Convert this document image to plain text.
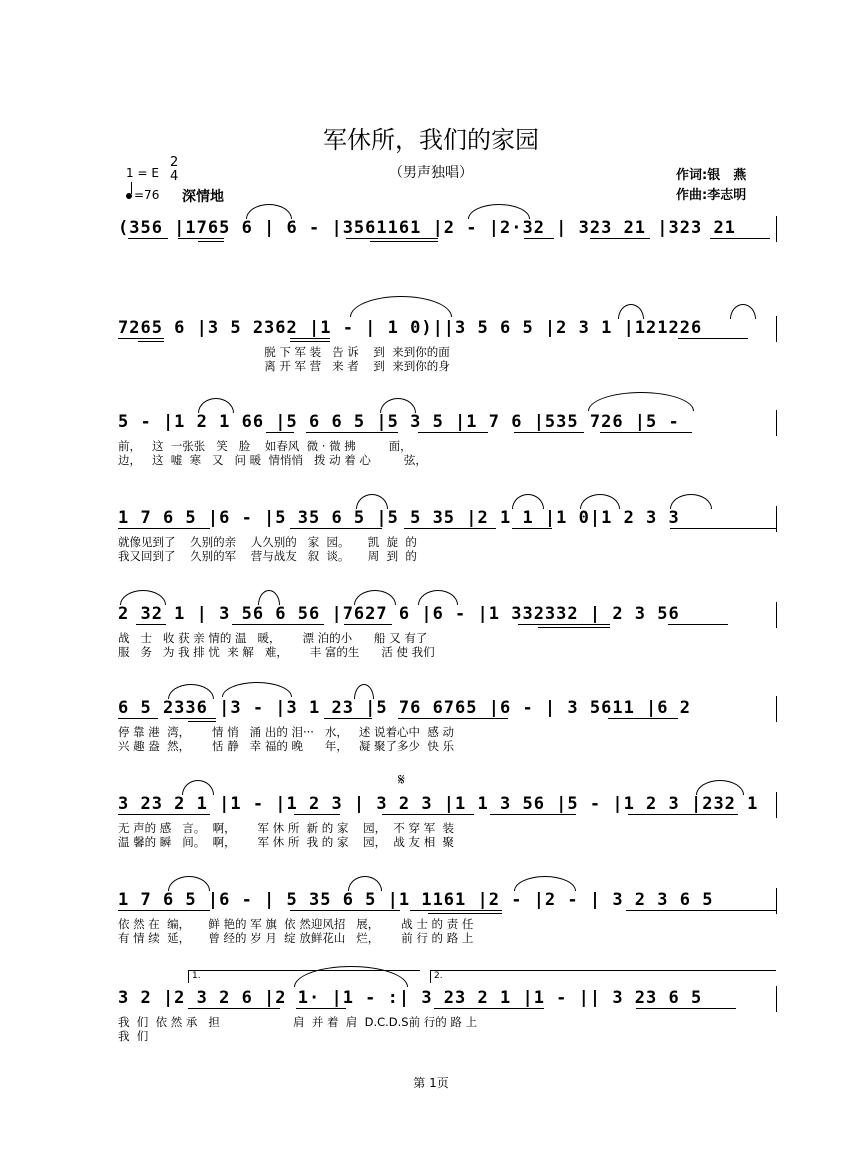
军休所，我们的家园
（男声独唱）
1 = E
2
4
=76 深情地
作词:银　燕
作曲:李志明
(356 |1765 6 | 6 - |3561161 |2 - |2·32 | 323 21 |323 21
7265 6 |3 5 2362 |1 - | 1 0)||3 5 6 5 |2 3 1 |121226
脱 下 军 装   告 诉    到  来到你的面
离 开 军 营   来 者    到  来到你的身
5 - |1 2 1 66 |5 6 6 5 |5 3 5 |1 7 6 |535 726 |5 -
前，   这  一张张   笑   脸    如春风  微 · 微 拂         面，
边，   这  嘘  寒   又   问 暖  情悄悄   拨 动 着 心         弦，
1 7 6 5 |6 - |5 35 6 5 |5 5 35 |2 1 1 |1 0|1 2 3 3
就像见到了    久别的亲    人久别的   家  园。     凯  旋  的
我又回到了    久别的军    营与战友   叙  谈。     周  到  的
2 32 1 | 3 56 6 56 |7627 6 |6 - |1 332332 | 2 3 56
战   士   收 获 亲 情的 温   暖，      漂 泊的小      船 又 有了
服   务   为 我 排 忧  来 解   难，      丰 富的生      活 使 我们
6 5 2336 |3 - |3 1 23 |5 76 6765 |6 - | 3 5611 |6 2
停 靠 港  湾，      情 悄   涌 出的 泪···   水，   述 说着心中  感 动
兴 趣 盎  然，      恬 静   幸 福的 晚      年，   凝 聚了多少  快 乐
3 23 2 1 |1 - |1 2 3 | 3 2 3 |1 1 3 56 |5 - |1 2 3 |232 1
无 声的 感   言。  啊，      军 休 所  新 的 家    园，  不 穿 军  装
温 馨的 瞬   间。  啊，      军 休 所  我 的 家    园，  战 友 相  聚
𝄋
1 7 6 5 |6 - | 5 35 6 5 |1 1161 |2 - |2 - | 3 2 3 6 5
依 然 在  编，     鲜 艳的 军 旗  依 然迎风招   展，      战 士 的 责 任
有 情 续  延，     曾 经的 岁 月  绽 放鲜花山   烂，      前 行 的 路 上
3 2 |2 3 2 6 |2 1· |1 - :| 3 23 2 1 |1 - || 3 23 6 5
我  们  依 然 承   担                    肩  并 着  肩  D.C.D.S前 行的 路 上
我  们
1.	2.
第 1页
